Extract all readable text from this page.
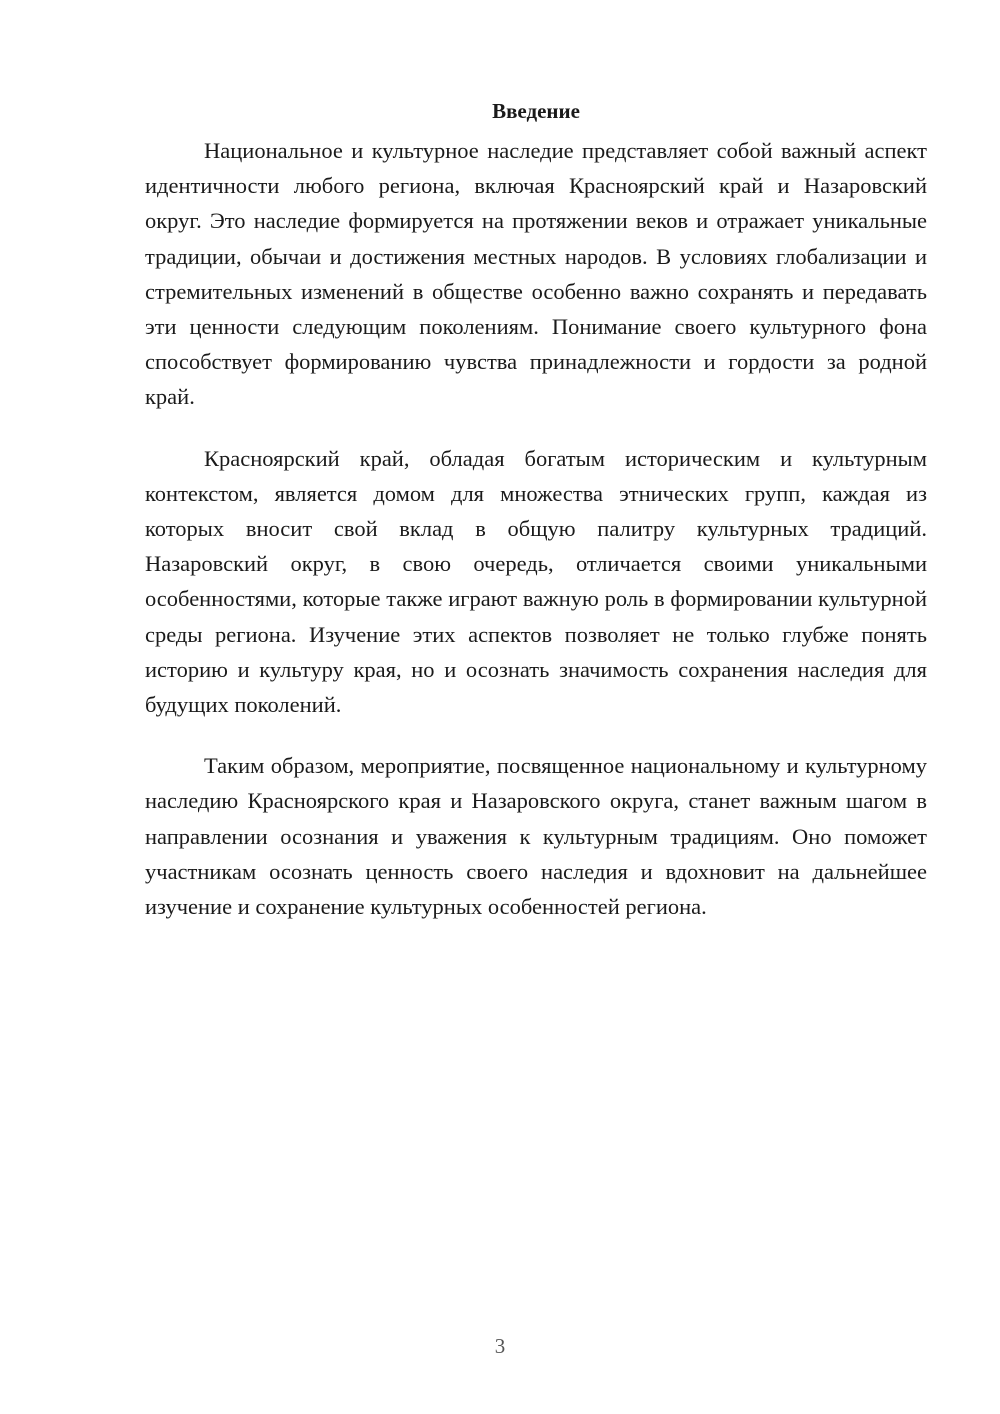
Введение

Национальное и культурное наследие представляет собой важный аспект идентичности любого региона, включая Красноярский край и Назаровский округ. Это наследие формируется на протяжении веков и отражает уникальные традиции, обычаи и достижения местных народов. В условиях глобализации и стремительных изменений в обществе особенно важно сохранять и передавать эти ценности следующим поколениям. Понимание своего культурного фона способствует формированию чувства принадлежности и гордости за родной край.

Красноярский край, обладая богатым историческим и культурным контекстом, является домом для множества этнических групп, каждая из которых вносит свой вклад в общую палитру культурных традиций. Назаровский округ, в свою очередь, отличается своими уникальными особенностями, которые также играют важную роль в формировании культурной среды региона. Изучение этих аспектов позволяет не только глубже понять историю и культуру края, но и осознать значимость сохранения наследия для будущих поколений.

Таким образом, мероприятие, посвященное национальному и культурному наследию Красноярского края и Назаровского округа, станет важным шагом в направлении осознания и уважения к культурным традициям. Оно поможет участникам осознать ценность своего наследия и вдохновит на дальнейшее изучение и сохранение культурных особенностей региона.

3
